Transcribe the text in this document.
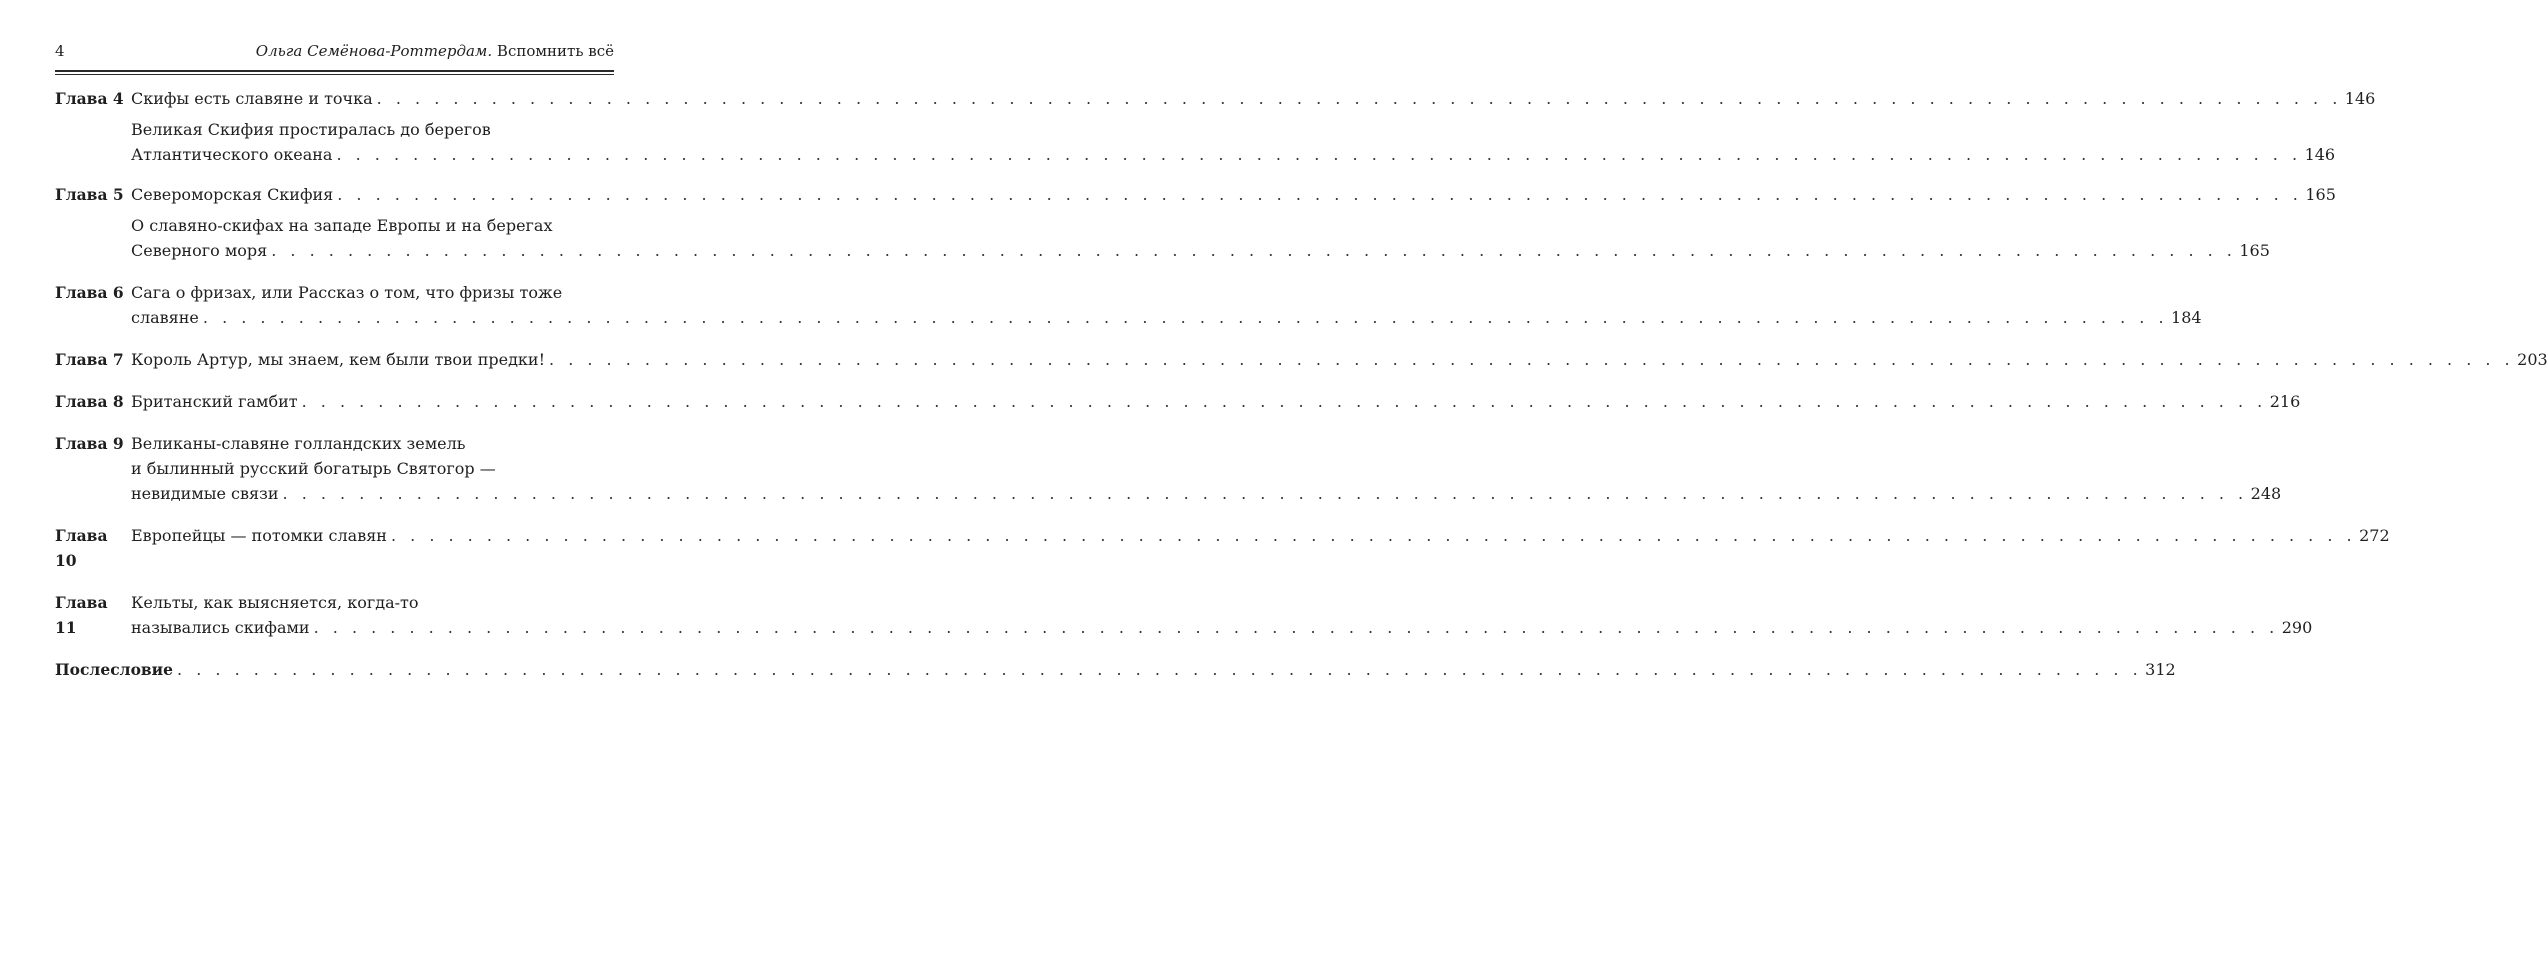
4	Ольга Семёнова-Роттердам. Вспомнить всё
Глава 4 Скифы есть славяне и точка . . . . . . . . . . . . . . . . . . . . . . . . . . . . . . . . . . . . . . . . . . . . . . . . . . . . . . . . . . . . . . . . . . . . . . . . . . . . . . . . . . . . . . . . . . . . . . . . . . . . . . . 146
Великая Скифия простиралась до берегов
Атлантического океана . . . . . . . . . . . . . . . . . . . . . . . . . . . . . . . . . . . . . . . . . . . . . . . . . . . . . . . . . . . . . . . . . . . . . . . . . . . . . . . . . . . . . . . . . . . . . . . . . . . . . . . 146
Глава 5 Североморская Скифия . . . . . . . . . . . . . . . . . . . . . . . . . . . . . . . . . . . . . . . . . . . . . . . . . . . . . . . . . . . . . . . . . . . . . . . . . . . . . . . . . . . . . . . . . . . . . . . . . . . . . . . 165
О славяно-скифах на западе Европы и на берегах
Северного моря . . . . . . . . . . . . . . . . . . . . . . . . . . . . . . . . . . . . . . . . . . . . . . . . . . . . . . . . . . . . . . . . . . . . . . . . . . . . . . . . . . . . . . . . . . . . . . . . . . . . . . . 165
Глава 6 Сага о фризах, или Рассказ о том, что фризы тоже
славяне . . . . . . . . . . . . . . . . . . . . . . . . . . . . . . . . . . . . . . . . . . . . . . . . . . . . . . . . . . . . . . . . . . . . . . . . . . . . . . . . . . . . . . . . . . . . . . . . . . . . . . . 184
Глава 7 Король Артур, мы знаем, кем были твои предки! . . . . . . . . . . . . . . . . . . . . . . . . . . . . . . . . . . . . . . . . . . . . . . . . . . . . . . . . . . . . . . . . . . . . . . . . . . . . . . . . . . . . . . . . . . . . . . . . . . . . . . . 203
Глава 8 Британский гамбит . . . . . . . . . . . . . . . . . . . . . . . . . . . . . . . . . . . . . . . . . . . . . . . . . . . . . . . . . . . . . . . . . . . . . . . . . . . . . . . . . . . . . . . . . . . . . . . . . . . . . . . 216
Глава 9 Великаны-славяне голландских земель
и былинный русский богатырь Святогор —
невидимые связи . . . . . . . . . . . . . . . . . . . . . . . . . . . . . . . . . . . . . . . . . . . . . . . . . . . . . . . . . . . . . . . . . . . . . . . . . . . . . . . . . . . . . . . . . . . . . . . . . . . . . . . 248
Глава 10
Европейцы — потомки славян . . . . . . . . . . . . . . . . . . . . . . . . . . . . . . . . . . . . . . . . . . . . . . . . . . . . . . . . . . . . . . . . . . . . . . . . . . . . . . . . . . . . . . . . . . . . . . . . . . . . . . . 272
Глава 11
Кельты, как выясняется, когда-то
назывались скифами . . . . . . . . . . . . . . . . . . . . . . . . . . . . . . . . . . . . . . . . . . . . . . . . . . . . . . . . . . . . . . . . . . . . . . . . . . . . . . . . . . . . . . . . . . . . . . . . . . . . . . . 290
Послесловие . . . . . . . . . . . . . . . . . . . . . . . . . . . . . . . . . . . . . . . . . . . . . . . . . . . . . . . . . . . . . . . . . . . . . . . . . . . . . . . . . . . . . . . . . . . . . . . . . . . . . . . 312
